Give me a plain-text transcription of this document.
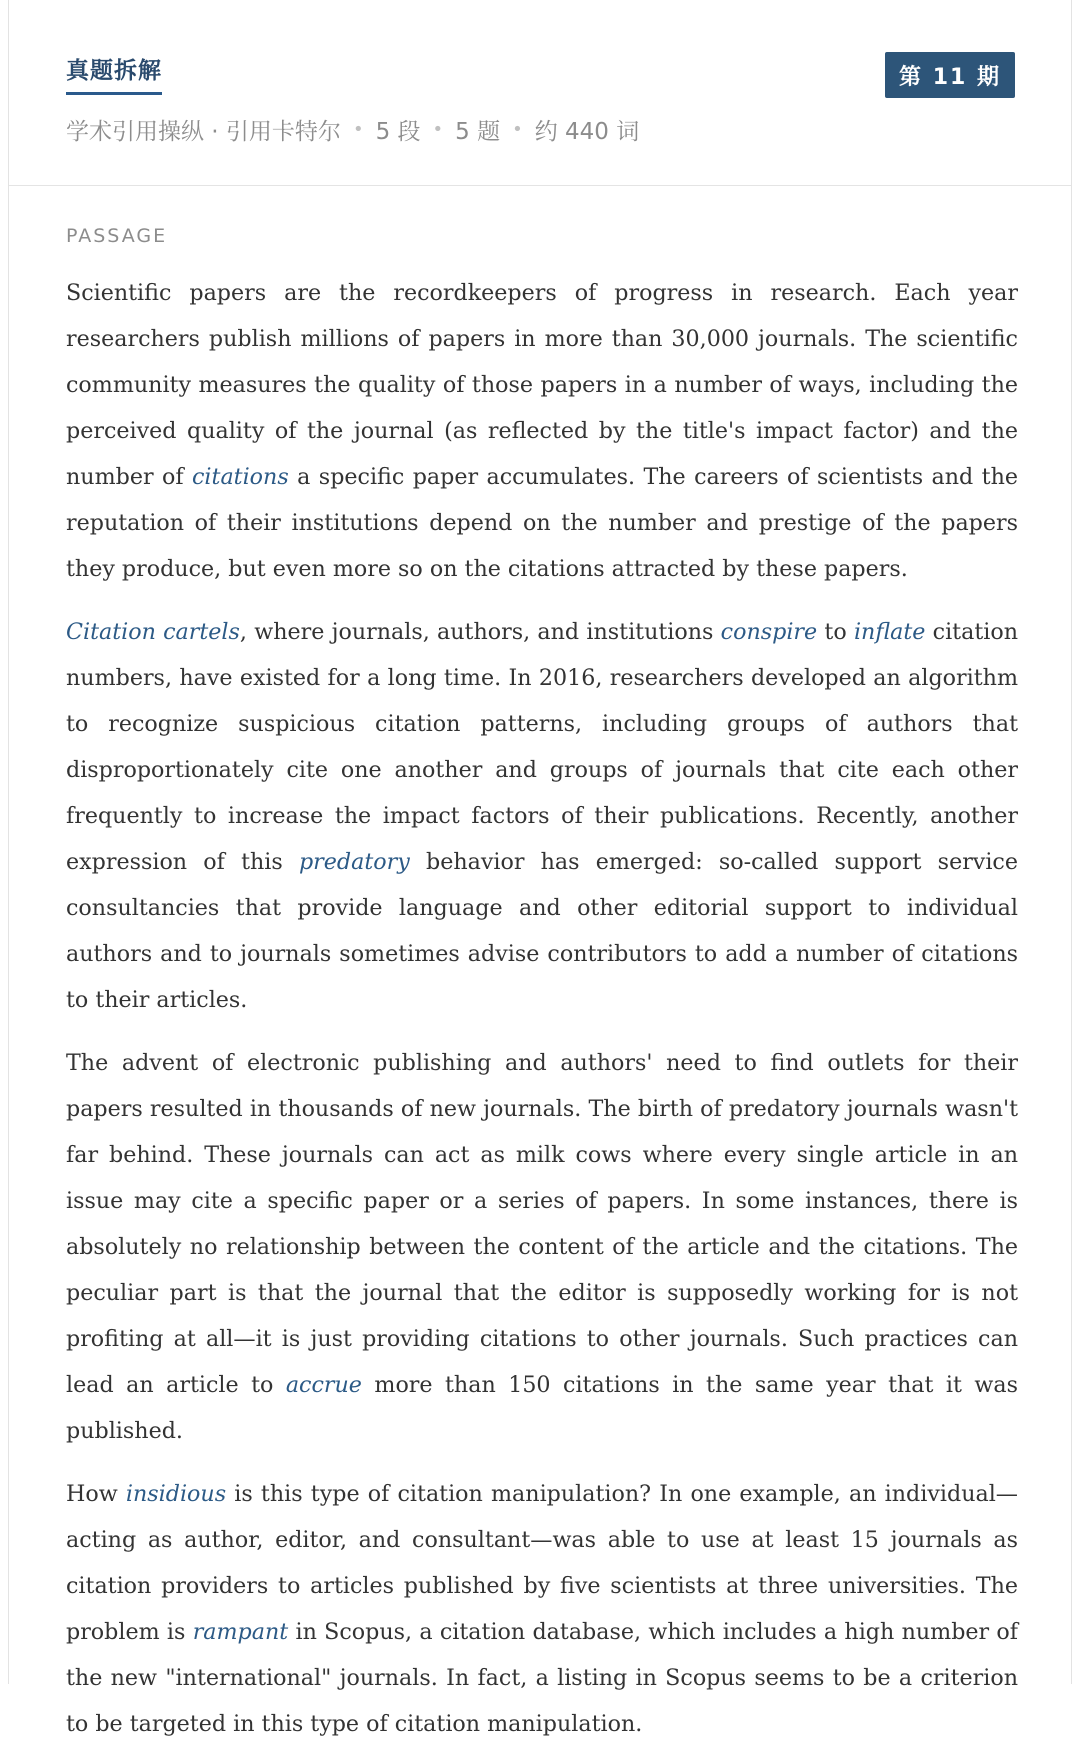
真题拆解	第 11 期
学术引用操纵 · 引用卡特尔 • 5 段 • 5 题 • 约 440 词
PASSAGE

Scientific papers are the recordkeepers of progress in research. Each year researchers publish millions of papers in more than 30,000 journals. The scientific community measures the quality of those papers in a number of ways, including the perceived quality of the journal (as reflected by the title's impact factor) and the number of citations a specific paper accumulates. The careers of scientists and the reputation of their institutions depend on the number and prestige of the papers they produce, but even more so on the citations attracted by these papers.

Citation cartels, where journals, authors, and institutions conspire to inflate citation numbers, have existed for a long time. In 2016, researchers developed an algorithm to recognize suspicious citation patterns, including groups of authors that disproportionately cite one another and groups of journals that cite each other frequently to increase the impact factors of their publications. Recently, another expression of this predatory behavior has emerged: so-called support service consultancies that provide language and other editorial support to individual authors and to journals sometimes advise contributors to add a number of citations to their articles.

The advent of electronic publishing and authors' need to find outlets for their papers resulted in thousands of new journals. The birth of predatory journals wasn't far behind. These journals can act as milk cows where every single article in an issue may cite a specific paper or a series of papers. In some instances, there is absolutely no relationship between the content of the article and the citations. The peculiar part is that the journal that the editor is supposedly working for is not profiting at all—it is just providing citations to other journals. Such practices can lead an article to accrue more than 150 citations in the same year that it was published.

How insidious is this type of citation manipulation? In one example, an individual—acting as author, editor, and consultant—was able to use at least 15 journals as citation providers to articles published by five scientists at three universities. The problem is rampant in Scopus, a citation database, which includes a high number of the new "international" journals. In fact, a listing in Scopus seems to be a criterion to be targeted in this type of citation manipulation.
